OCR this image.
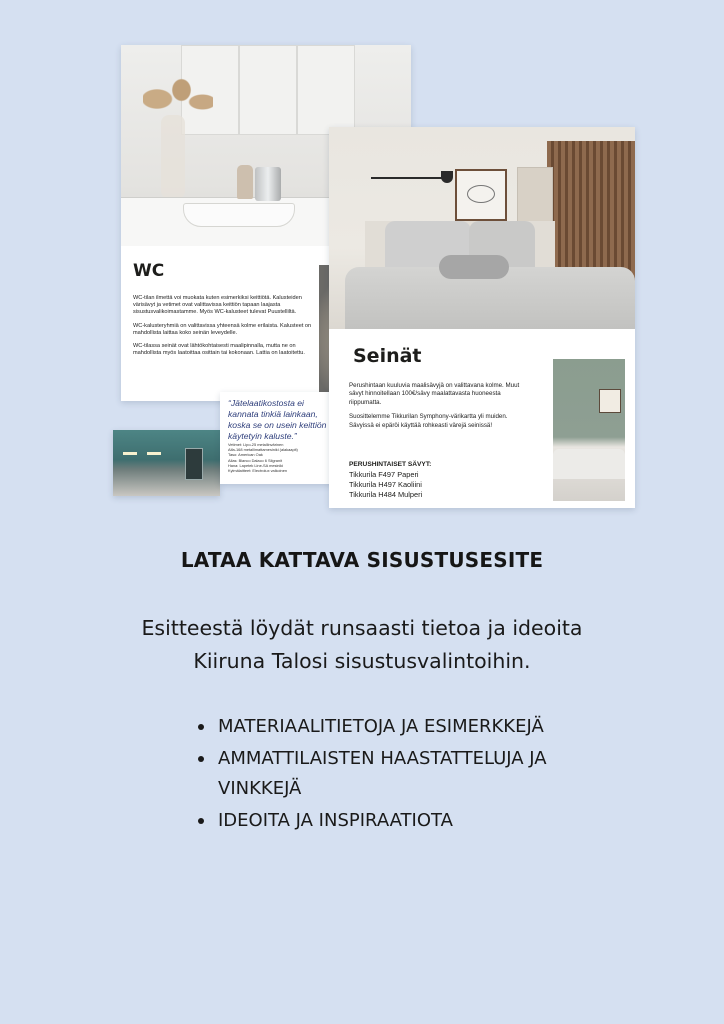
WC

WC-tilan ilmettä voi muokata kuten esimerkiksi keittiötä. Kalusteiden värisävyt ja vetimet ovat valittavissa keittiön tapaan laajasta sisustusvalikoimastamme. Myös WC-kalusteet tulevat Puustelliltä.

WC-kalusteryhmiä on valittavissa yhteensä kolme erilaista. Kalusteet on mahdollista laittaa koko seinän leveydelle.

WC-tilassa seinät ovat lähtökohtaisesti maalipinnalla, mutta ne on mahdollista myös laatoittaa osittain tai kokonaan. Lattia on laatoitettu.

“Jätelaatikostosta ei kannata tinkiä lainkaan, koska se on usein keittiön käytetyin kaluste.”
Vetimet: Lipo-25 metallinvärinen
Alfa-168 metallimattamesiniki (alakaapit)
Taso: American Oak
Allas: Blanco Dalaco 6 Silgranit
Hana: Lapetek Line-SA mesiniki
Kylmälaitteet: Electrolux valkoinen
Seinät

Perushintaan kuuluvia maalisävyjä on valittavana kolme. Muut sävyt hinnoitellaan 100€/sävy maalattavasta huoneesta riippumatta.

Suosittelemme Tikkurilan Symphony-värikartta yli muiden. Sävyissä ei epäröi käyttää rohkeasti värejä seinissä!

PERUSHINTAISET SÄVYT:

Tikkurila F497 Paperi
Tikkurila H497 Kaoliini
Tikkurila H484 Mulperi
LATAA KATTAVA SISUSTUSESITE

Esitteestä löydät runsaasti tietoa ja ideoita
Kiiruna Talosi sisustusvalintoihin.

MATERIAALITIETOJA JA ESIMERKKEJÄ
AMMATTILAISTEN HAASTATTELUJA JA VINKKEJÄ
IDEOITA JA INSPIRAATIOTA
